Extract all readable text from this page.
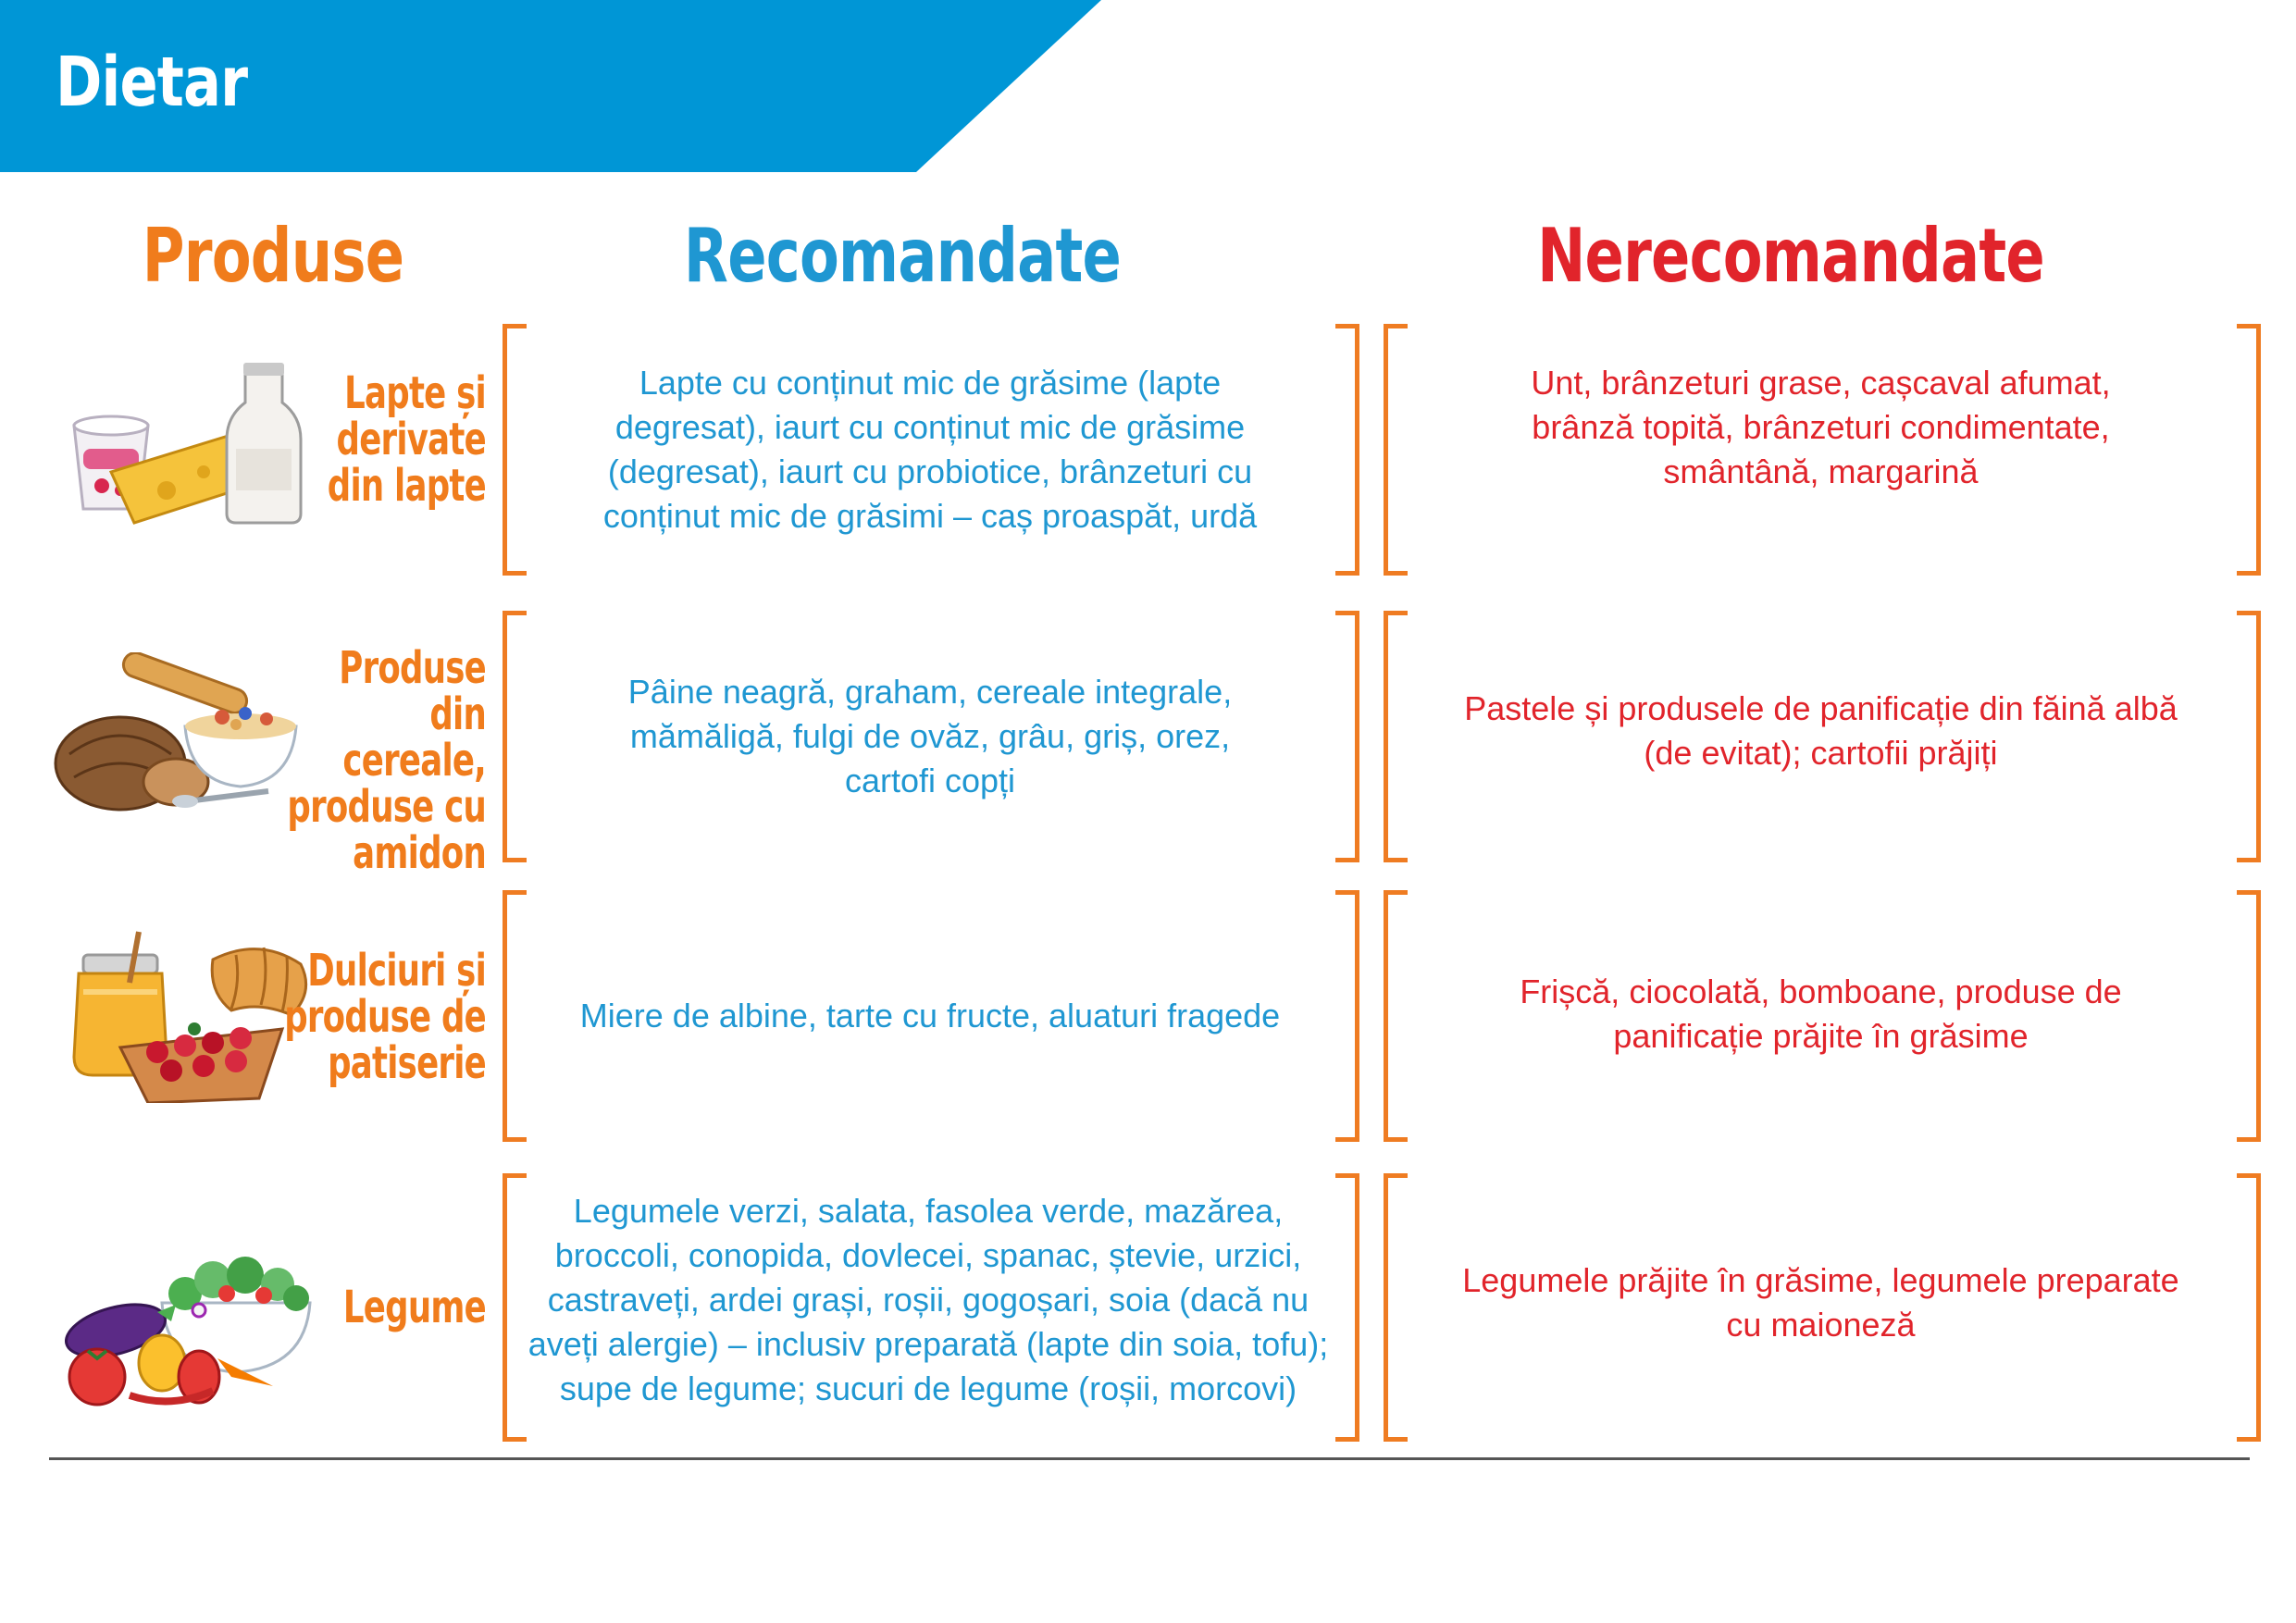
Dietar
Produse	Recomandate	Nerecomandate
Lapte și
derivate
din lapte
Lapte cu conținut mic de grăsime (lapte
degresat), iaurt cu conținut mic de grăsime
(degresat), iaurt cu probiotice, brânzeturi cu
conținut mic de grăsimi – caș proaspăt, urdă
Unt, brânzeturi grase, cașcaval afumat,
brânză topită, brânzeturi condimentate,
smântână, margarină
Produse din
cereale,
produse cu
amidon
Pâine neagră, graham, cereale integrale,
mămăligă, fulgi de ovăz, grâu, griș, orez,
cartofi copți
Pastele și produsele de panificație din făină albă
(de evitat); cartofii prăjiți
Dulciuri și
produse de
patiserie
Miere de albine, tarte cu fructe, aluaturi fragede
Frișcă, ciocolată, bomboane, produse de
panificație prăjite în grăsime
Legume
Legumele verzi, salata, fasolea verde, mazărea,
broccoli, conopida, dovlecei, spanac, ștevie, urzici,
castraveți, ardei grași, roșii, gogoșari, soia (dacă nu
aveți alergie) – inclusiv preparată (lapte din soia, tofu);
supe de legume; sucuri de legume (roșii, morcovi)
Legumele prăjite în grăsime, legumele preparate
cu maioneză
